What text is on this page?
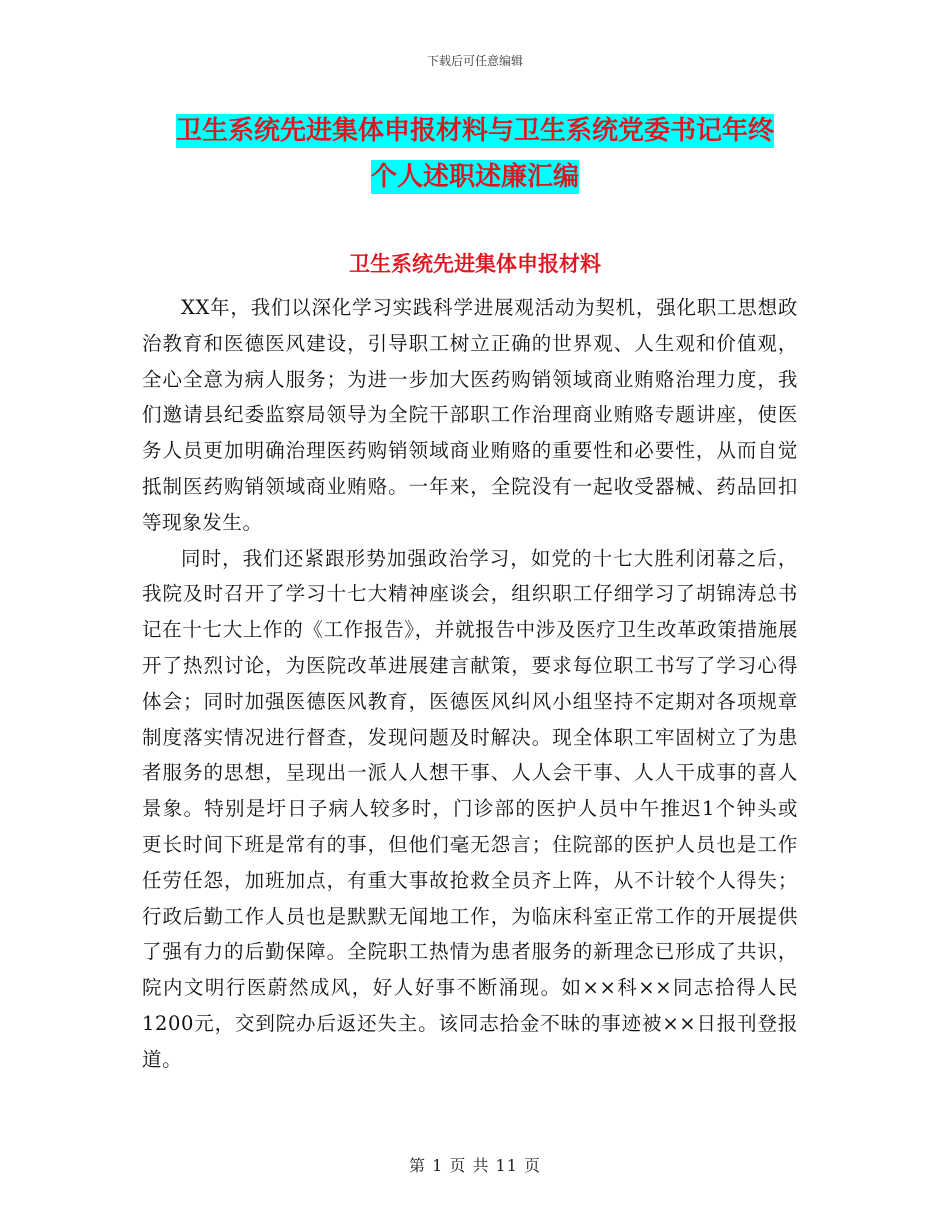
下载后可任意编辑
卫生系统先进集体申报材料与卫生系统党委书记年终
个人述职述廉汇编
卫生系统先进集体申报材料

XX年，我们以深化学习实践科学进展观活动为契机，强化职工思想政治教育和医德医风建设，引导职工树立正确的世界观、人生观和价值观，全心全意为病人服务；为进一步加大医药购销领域商业贿赂治理力度，我们邀请县纪委监察局领导为全院干部职工作治理商业贿赂专题讲座，使医务人员更加明确治理医药购销领域商业贿赂的重要性和必要性，从而自觉抵制医药购销领域商业贿赂。一年来，全院没有一起收受器械、药品回扣等现象发生。

同时，我们还紧跟形势加强政治学习，如党的十七大胜利闭幕之后，我院及时召开了学习十七大精神座谈会，组织职工仔细学习了胡锦涛总书记在十七大上作的《工作报告》，并就报告中涉及医疗卫生改革政策措施展开了热烈讨论，为医院改革进展建言献策，要求每位职工书写了学习心得体会；同时加强医德医风教育，医德医风纠风小组坚持不定期对各项规章制度落实情况进行督查，发现问题及时解决。现全体职工牢固树立了为患者服务的思想，呈现出一派人人想干事、人人会干事、人人干成事的喜人景象。特别是圩日子病人较多时，门诊部的医护人员中午推迟1个钟头或更长时间下班是常有的事，但他们毫无怨言；住院部的医护人员也是工作任劳任怨，加班加点，有重大事故抢救全员齐上阵，从不计较个人得失；行政后勤工作人员也是默默无闻地工作，为临床科室正常工作的开展提供了强有力的后勤保障。全院职工热情为患者服务的新理念已形成了共识，院内文明行医蔚然成风，好人好事不断涌现。如××科××同志拾得人民1200元，交到院办后返还失主。该同志拾金不昧的事迹被××日报刊登报道。

第 1 页 共 11 页
